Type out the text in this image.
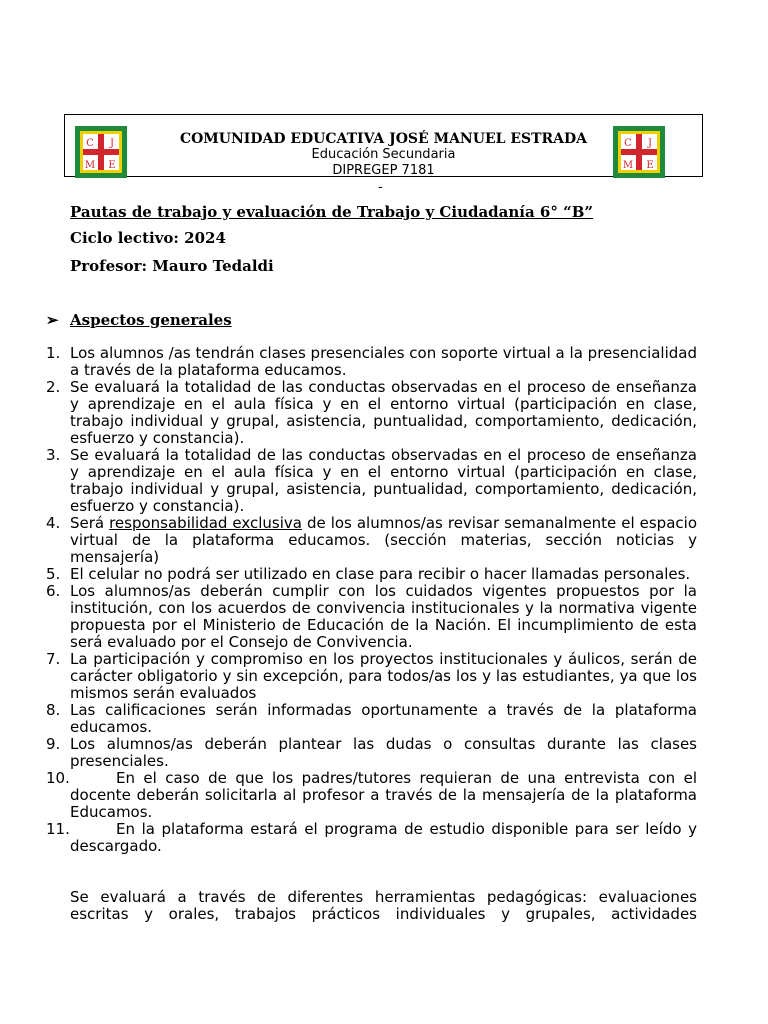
C J
M E
COMUNIDAD EDUCATIVA JOSÉ MANUEL ESTRADA
Educación Secundaria
DIPREGEP 7181
C J
M E
-
Pautas de trabajo y evaluación de Trabajo y Ciudadanía 6° “B”
Ciclo lectivo: 2024
Profesor: Mauro Tedaldi
➢ Aspectos generales
1. Los alumnos /as tendrán clases presenciales con soporte virtual a la presencialidad a través de la plataforma educamos.
2. Se evaluará la totalidad de las conductas observadas en el proceso de enseñanza y aprendizaje en el aula física y en el entorno virtual (participación en clase, trabajo individual y grupal, asistencia, puntualidad, comportamiento, dedicación, esfuerzo y constancia).
3. Se evaluará la totalidad de las conductas observadas en el proceso de enseñanza y aprendizaje en el aula física y en el entorno virtual (participación en clase, trabajo individual y grupal, asistencia, puntualidad, comportamiento, dedicación, esfuerzo y constancia).
4. Será responsabilidad exclusiva de los alumnos/as revisar semanalmente el espacio virtual de la plataforma educamos. (sección materias, sección noticias y mensajería)
5. El celular no podrá ser utilizado en clase para recibir o hacer llamadas personales.
6. Los alumnos/as deberán cumplir con los cuidados vigentes propuestos por la institución, con los acuerdos de convivencia institucionales y la normativa vigente propuesta por el Ministerio de Educación de la Nación. El incumplimiento de esta será evaluado por el Consejo de Convivencia.
7. La participación y compromiso en los proyectos institucionales y áulicos, serán de carácter obligatorio y sin excepción, para todos/as los y las estudiantes, ya que los mismos serán evaluados
8. Las calificaciones serán informadas oportunamente a través de la plataforma educamos.
9. Los alumnos/as deberán plantear las dudas o consultas durante las clases presenciales.
10.	En el caso de que los padres/tutores requieran de una entrevista con el docente deberán solicitarla al profesor a través de la mensajería de la plataforma Educamos.
11.	En la plataforma estará el programa de estudio disponible para ser leído y descargado.
Se evaluará a través de diferentes herramientas pedagógicas: evaluaciones escritas y orales, trabajos prácticos individuales y grupales, actividades
